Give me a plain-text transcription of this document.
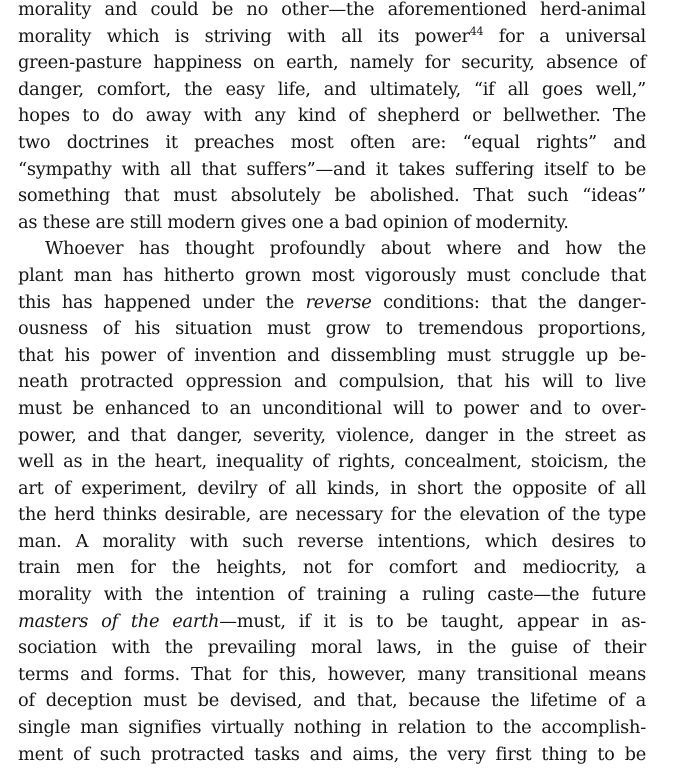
morality and could be no other—the aforementioned herd-animal
morality which is striving with all its power$^{44}$ for a universal
green-pasture happiness on earth, namely for security, absence of
danger, comfort, the easy life, and ultimately, “if all goes well,”
hopes to do away with any kind of shepherd or bellwether. The
two doctrines it preaches most often are: “equal rights” and
“sympathy with all that suffers”—and it takes suffering itself to be
something that must absolutely be abolished. That such “ideas”
as these are still modern gives one a bad opinion of modernity.
Whoever has thought profoundly about where and how the
plant man has hitherto grown most vigorously must conclude that
this has happened under the reverse conditions: that the danger-
ousness of his situation must grow to tremendous proportions,
that his power of invention and dissembling must struggle up be-
neath protracted oppression and compulsion, that his will to live
must be enhanced to an unconditional will to power and to over-
power, and that danger, severity, violence, danger in the street as
well as in the heart, inequality of rights, concealment, stoicism, the
art of experiment, devilry of all kinds, in short the opposite of all
the herd thinks desirable, are necessary for the elevation of the type
man. A morality with such reverse intentions, which desires to
train men for the heights, not for comfort and mediocrity, a
morality with the intention of training a ruling caste—the future
masters of the earth—must, if it is to be taught, appear in as-
sociation with the prevailing moral laws, in the guise of their
terms and forms. That for this, however, many transitional means
of deception must be devised, and that, because the lifetime of a
single man signifies virtually nothing in relation to the accomplish-
ment of such protracted tasks and aims, the very first thing to be
